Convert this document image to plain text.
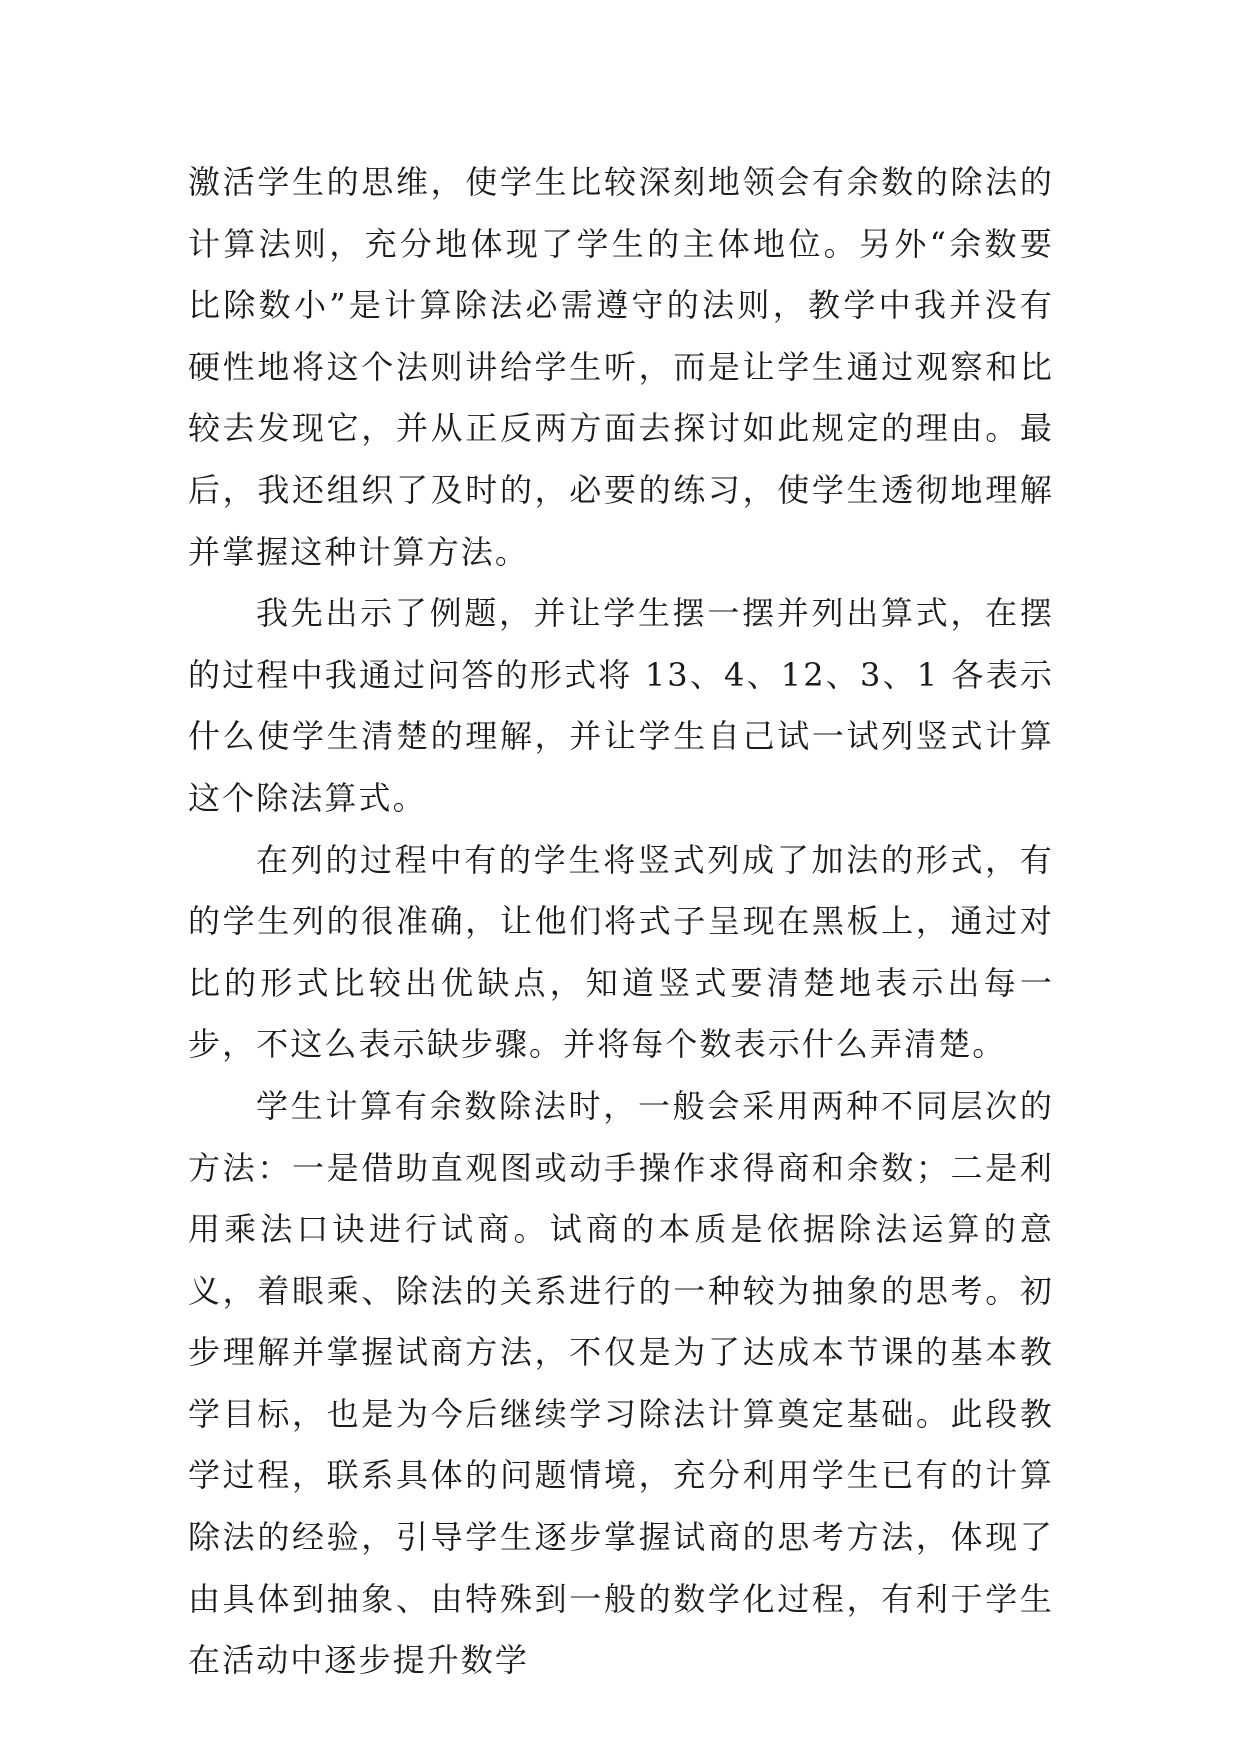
激活学生的思维，使学生比较深刻地领会有余数的除法的计算法则，充分地体现了学生的主体地位。另外“余数要比除数小”是计算除法必需遵守的法则，教学中我并没有硬性地将这个法则讲给学生听，而是让学生通过观察和比较去发现它，并从正反两方面去探讨如此规定的理由。最后，我还组织了及时的，必要的练习，使学生透彻地理解并掌握这种计算方法。

我先出示了例题，并让学生摆一摆并列出算式，在摆的过程中我通过问答的形式将 13、4、12、3、1 各表示什么使学生清楚的理解，并让学生自己试一试列竖式计算这个除法算式。

在列的过程中有的学生将竖式列成了加法的形式，有的学生列的很准确，让他们将式子呈现在黑板上，通过对比的形式比较出优缺点，知道竖式要清楚地表示出每一步，不这么表示缺步骤。并将每个数表示什么弄清楚。

学生计算有余数除法时，一般会采用两种不同层次的方法：一是借助直观图或动手操作求得商和余数；二是利用乘法口诀进行试商。试商的本质是依据除法运算的意义，着眼乘、除法的关系进行的一种较为抽象的思考。初步理解并掌握试商方法，不仅是为了达成本节课的基本教学目标，也是为今后继续学习除法计算奠定基础。此段教学过程，联系具体的问题情境，充分利用学生已有的计算除法的经验，引导学生逐步掌握试商的思考方法，体现了由具体到抽象、由特殊到一般的数学化过程，有利于学生在活动中逐步提升数学
